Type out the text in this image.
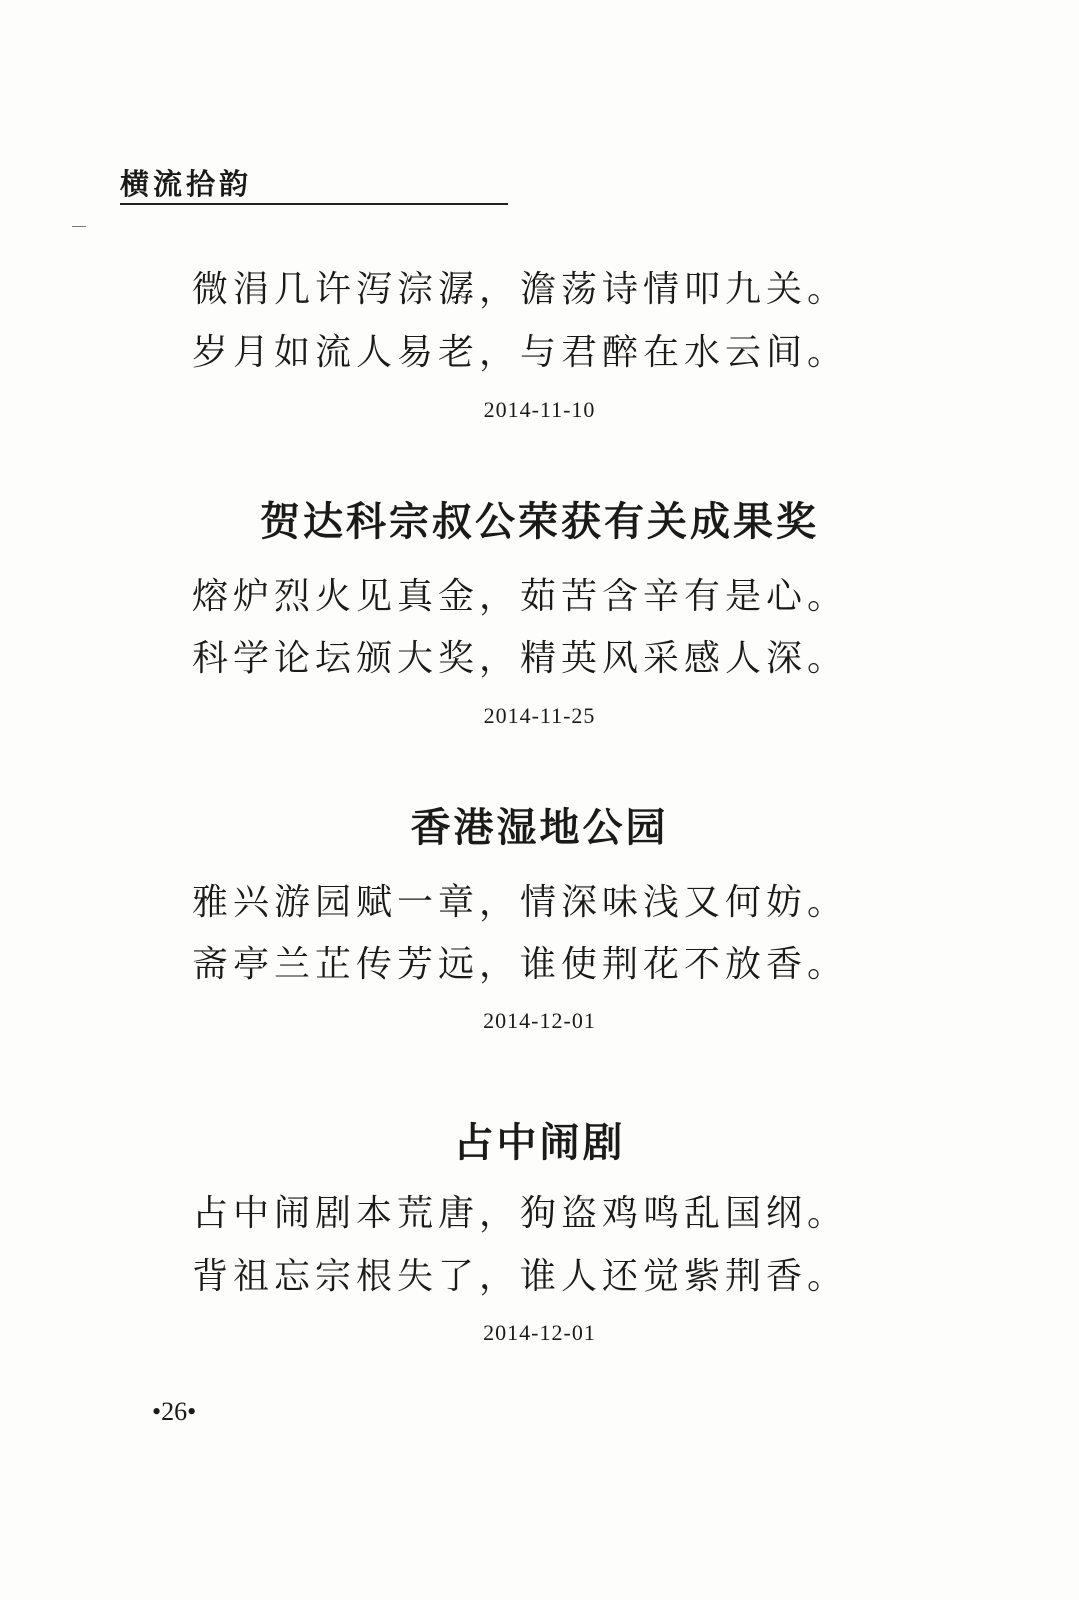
横流拾韵
微涓几许泻淙潺，澹荡诗情叩九关。
岁月如流人易老，与君醉在水云间。
2014-11-10
贺达科宗叔公荣获有关成果奖
熔炉烈火见真金，茹苦含辛有是心。
科学论坛颁大奖，精英风采感人深。
2014-11-25
香港湿地公园
雅兴游园赋一章，情深味浅又何妨。
斋亭兰芷传芳远，谁使荆花不放香。
2014-12-01
占中闹剧
占中闹剧本荒唐，狗盗鸡鸣乱国纲。
背祖忘宗根失了，谁人还觉紫荆香。
2014-12-01
•26•
